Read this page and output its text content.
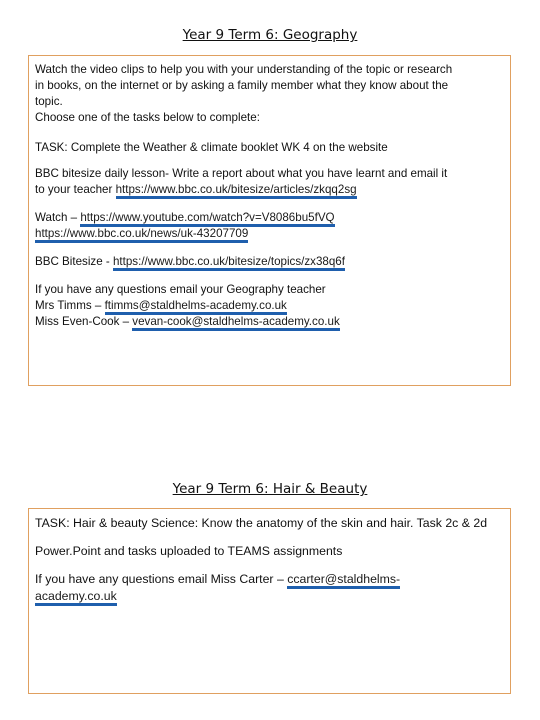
Year 9 Term 6: Geography
Watch the video clips to help you with your understanding of the topic or research
in books, on the internet or by asking a family member what they know about the
topic.
Choose one of the tasks below to complete:
TASK: Complete the Weather & climate booklet WK 4 on the website
BBC bitesize daily lesson- Write a report about what you have learnt and email it
to your teacher https://www.bbc.co.uk/bitesize/articles/zkqq2sg
Watch – https://www.youtube.com/watch?v=V8086bu5fVQ
https://www.bbc.co.uk/news/uk-43207709
BBC Bitesize - https://www.bbc.co.uk/bitesize/topics/zx38q6f
If you have any questions email your Geography teacher
Mrs Timms – ftimms@staldhelms-academy.co.uk
Miss Even-Cook – vevan-cook@staldhelms-academy.co.uk
Year 9 Term 6: Hair & Beauty
TASK: Hair & beauty Science: Know the anatomy of the skin and hair. Task 2c & 2d
Power.Point and tasks uploaded to TEAMS assignments
If you have any questions email Miss Carter – ccarter@staldhelms-
academy.co.uk
